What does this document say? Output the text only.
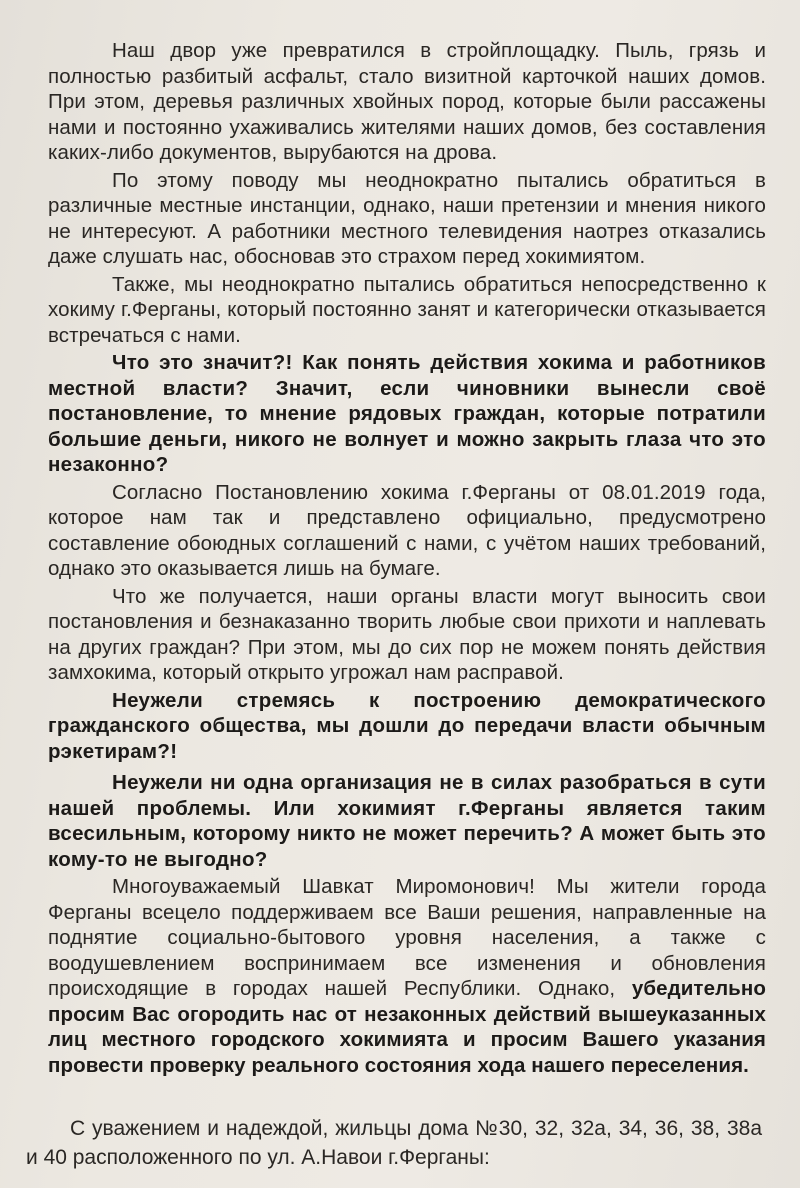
Наш двор уже превратился в стройплощадку. Пыль, грязь и полностью разбитый асфальт, стало визитной карточкой наших домов. При этом, деревья различных хвойных пород, которые были рассажены нами и постоянно ухаживались жителями наших домов, без составления каких-либо документов, вырубаются на дрова.

По этому поводу мы неоднократно пытались обратиться в различные местные инстанции, однако, наши претензии и мнения никого не интересуют. А работники местного телевидения наотрез отказались даже слушать нас, обосновав это страхом перед хокимиятом.

Также, мы неоднократно пытались обратиться непосредственно к хокиму г.Ферганы, который постоянно занят и категорически отказывается встречаться с нами.

Что это значит?! Как понять действия хокима и работников местной власти? Значит, если чиновники вынесли своё постановление, то мнение рядовых граждан, которые потратили большие деньги, никого не волнует и можно закрыть глаза что это незаконно?

Согласно Постановлению хокима г.Ферганы от 08.01.2019 года, которое нам так и представлено официально, предусмотрено составление обоюдных соглашений с нами, с учётом наших требований, однако это оказывается лишь на бумаге.

Что же получается, наши органы власти могут выносить свои постановления и безнаказанно творить любые свои прихоти и наплевать на других граждан? При этом, мы до сих пор не можем понять действия замхокима, который открыто угрожал нам расправой.

Неужели стремясь к построению демократического гражданского общества, мы дошли до передачи власти обычным рэкетирам?!

Неужели ни одна организация не в силах разобраться в сути нашей проблемы. Или хокимият г.Ферганы является таким всесильным, которому никто не может перечить? А может быть это кому-то не выгодно?

Многоуважаемый Шавкат Миромонович! Мы жители города Ферганы всецело поддерживаем все Ваши решения, направленные на поднятие социально-бытового уровня населения, а также с воодушевлением воспринимаем все изменения и обновления происходящие в городах нашей Республики. Однако, убедительно просим Вас огородить нас от незаконных действий вышеуказанных лиц местного городского хокимията и просим Вашего указания провести проверку реального состояния хода нашего переселения.

С уважением и надеждой, жильцы дома №30, 32, 32а, 34, 36, 38, 38а и 40 расположенного по ул. А.Навои г.Ферганы:
